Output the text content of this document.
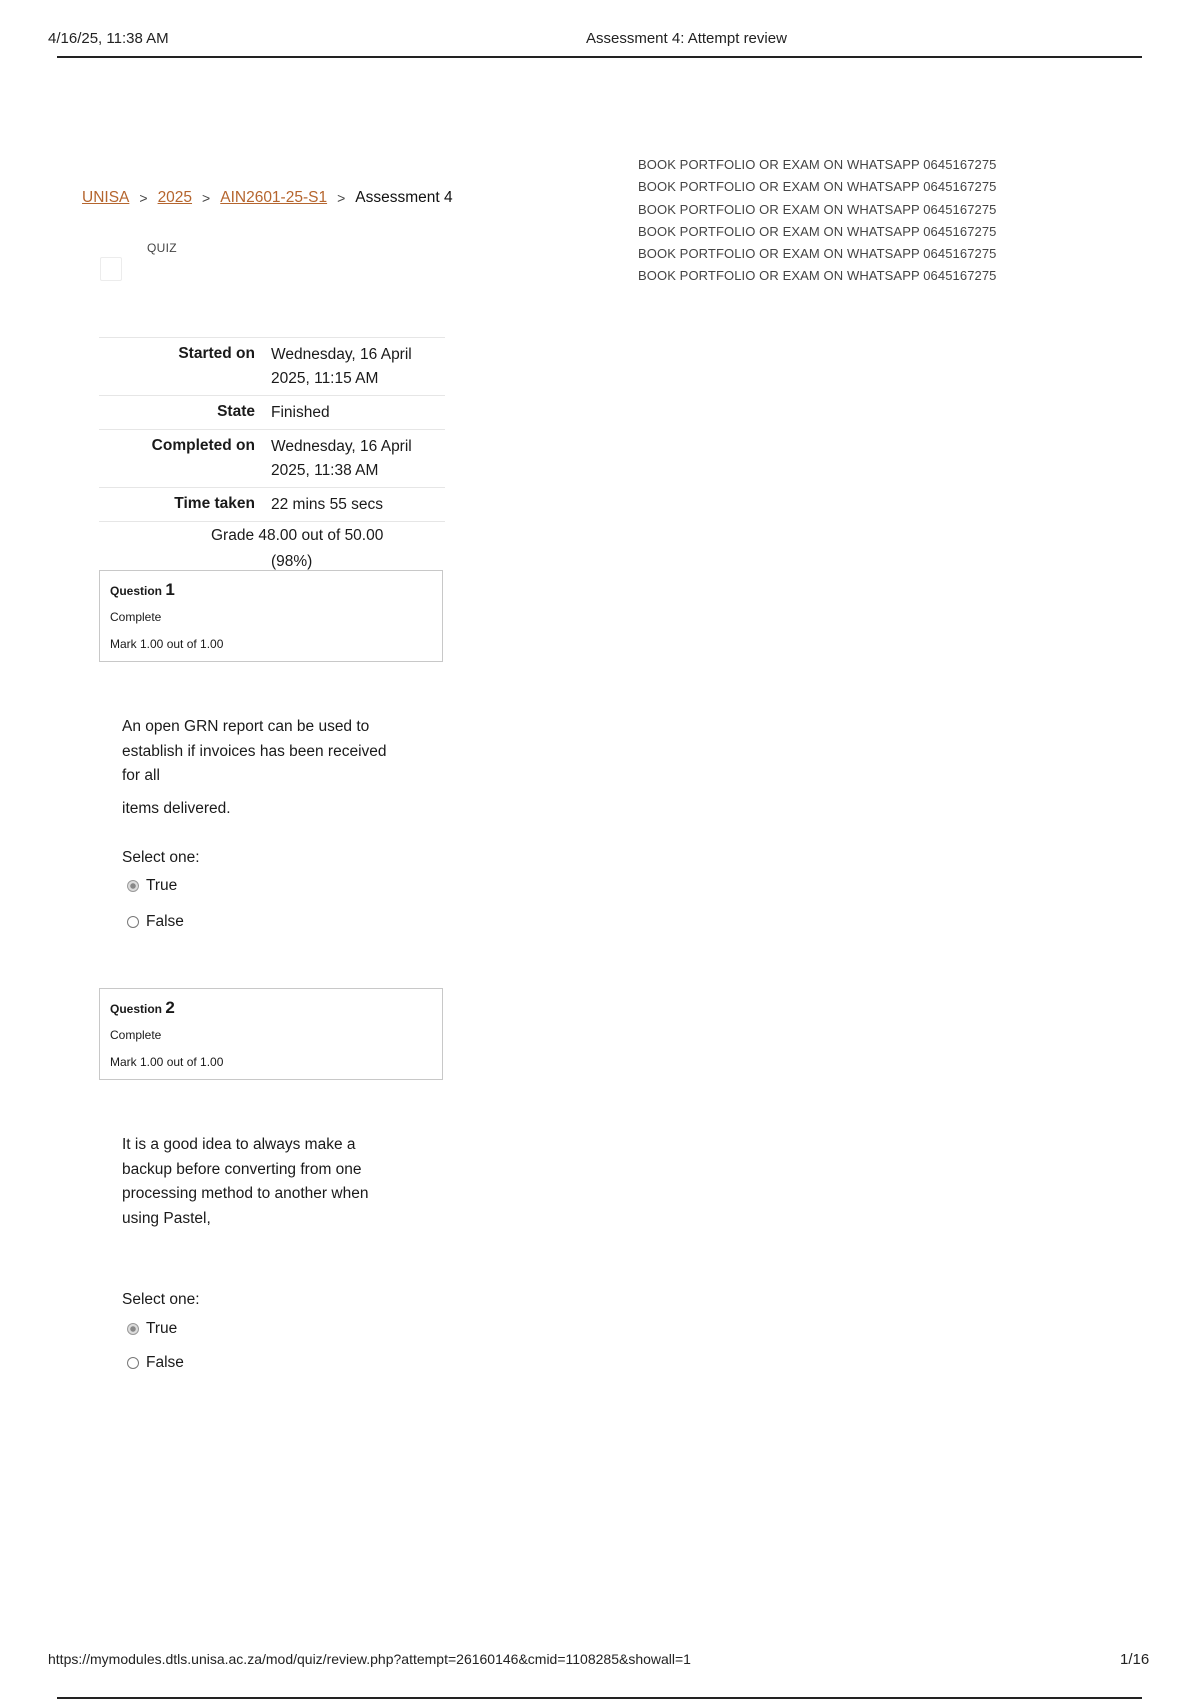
4/16/25, 11:38 AM	Assessment 4: Attempt review
BOOK PORTFOLIO OR EXAM ON WHATSAPP 0645167275
BOOK PORTFOLIO OR EXAM ON WHATSAPP 0645167275
BOOK PORTFOLIO OR EXAM ON WHATSAPP 0645167275
BOOK PORTFOLIO OR EXAM ON WHATSAPP 0645167275
BOOK PORTFOLIO OR EXAM ON WHATSAPP 0645167275
BOOK PORTFOLIO OR EXAM ON WHATSAPP 0645167275
UNISA > 2025 > AIN2601-25-S1 > Assessment 4
QUIZ
Started on	Wednesday, 16 April
2025, 11:15 AM
State	Finished
Completed on	Wednesday, 16 April
2025, 11:38 AM
Time taken	22 mins 55 secs
Grade 48.00 out of 50.00
(98%)
Question 1
Complete
Mark 1.00 out of 1.00
An open GRN report can be used to
establish if invoices has been received
for all
items delivered.
Select one:
True
False
Question 2
Complete
Mark 1.00 out of 1.00
It is a good idea to always make a
backup before converting from one
processing method to another when
using Pastel,
Select one:
True
False
https://mymodules.dtls.unisa.ac.za/mod/quiz/review.php?attempt=26160146&cmid=1108285&showall=1	1/16
